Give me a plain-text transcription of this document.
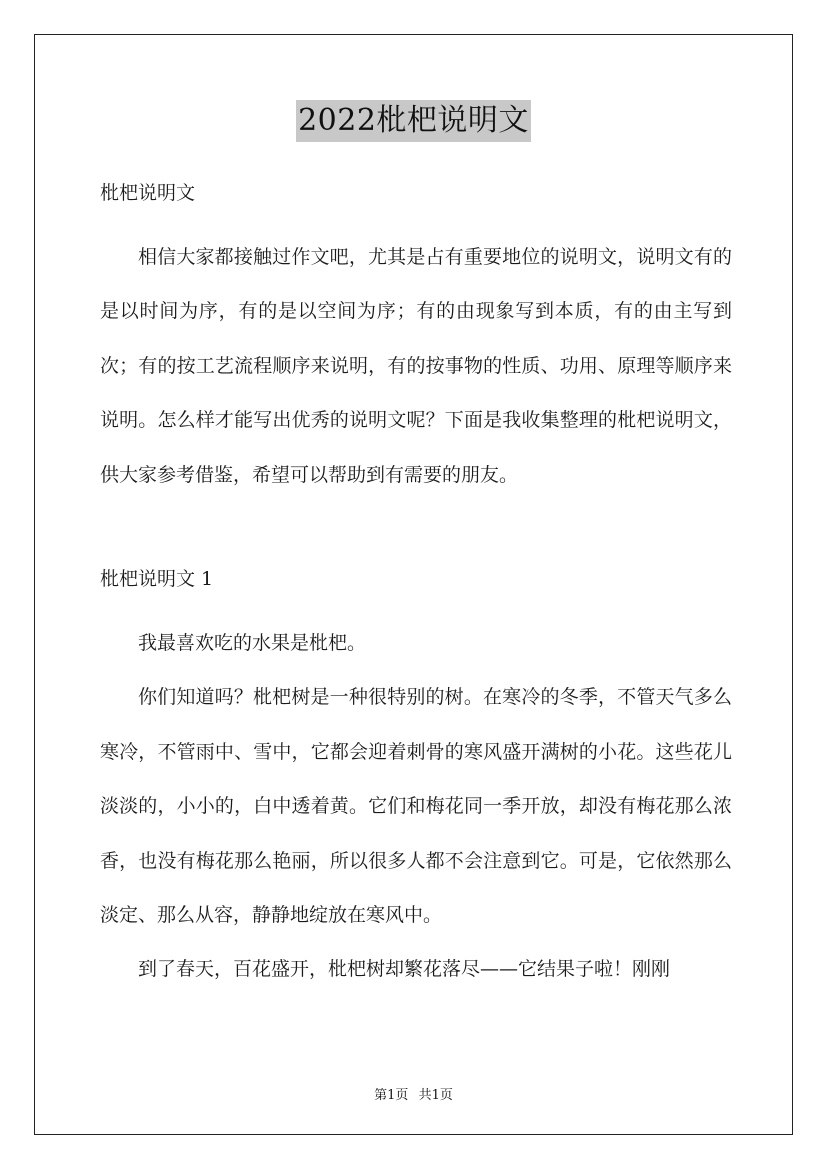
2022枇杷说明文

枇杷说明文

相信大家都接触过作文吧，尤其是占有重要地位的说明文，说明文有的是以时间为序，有的是以空间为序；有的由现象写到本质，有的由主写到次；有的按工艺流程顺序来说明，有的按事物的性质、功用、原理等顺序来说明。怎么样才能写出优秀的说明文呢？下面是我收集整理的枇杷说明文，供大家参考借鉴，希望可以帮助到有需要的朋友。

枇杷说明文 1

我最喜欢吃的水果是枇杷。

你们知道吗？枇杷树是一种很特别的树。在寒冷的冬季，不管天气多么寒冷，不管雨中、雪中，它都会迎着刺骨的寒风盛开满树的小花。这些花儿淡淡的，小小的，白中透着黄。它们和梅花同一季开放，却没有梅花那么浓香，也没有梅花那么艳丽，所以很多人都不会注意到它。可是，它依然那么淡定、那么从容，静静地绽放在寒风中。

到了春天，百花盛开，枇杷树却繁花落尽——它结果子啦！刚刚

第1页 共1页
